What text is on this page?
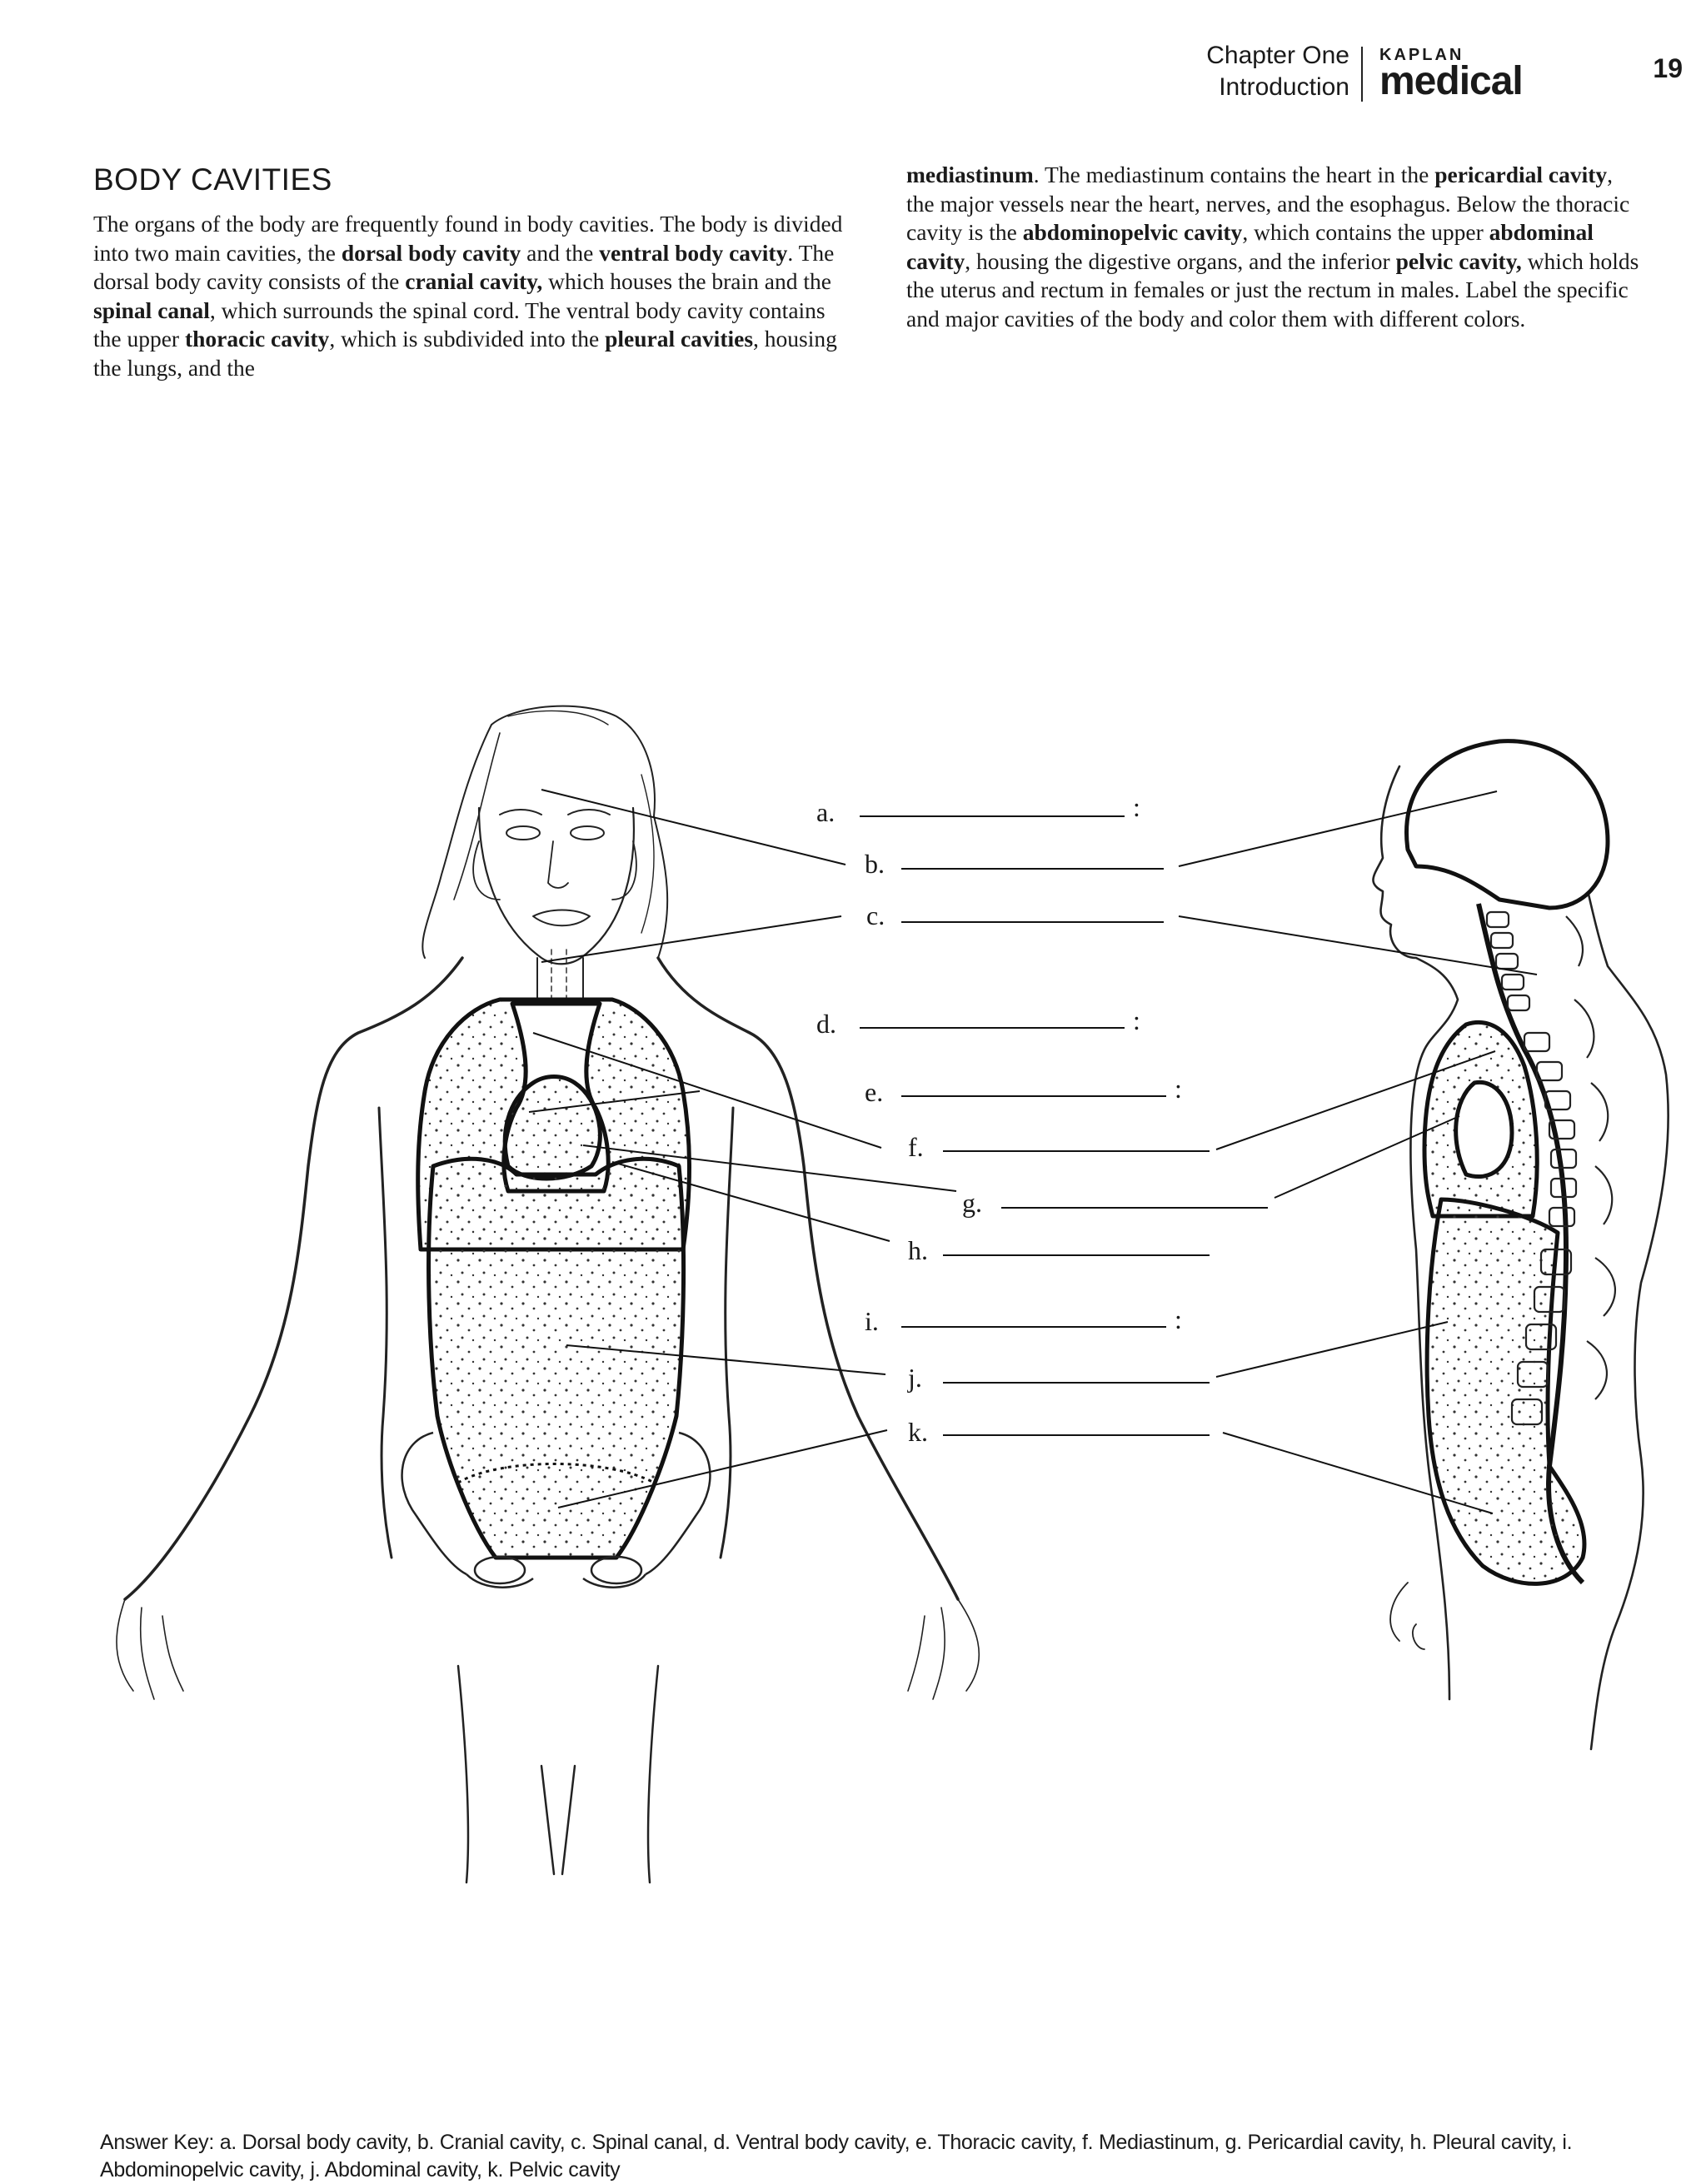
Chapter One
Introduction
KAPLAN
medical	19
BODY CAVITIES
The organs of the body are frequently found in body cavities. The body is divided into two main cavities, the dorsal body cavity and the ventral body cavity. The dorsal body cavity consists of the cranial cavity, which houses the brain and the spinal canal, which surrounds the spinal cord. The ventral body cavity contains the upper thoracic cavity, which is subdivided into the pleural cavities, housing the lungs, and the
mediastinum. The mediastinum contains the heart in the pericardial cavity, the major vessels near the heart, nerves, and the esophagus. Below the thoracic cavity is the abdominopelvic cavity, which contains the upper abdominal cavity, housing the digestive organs, and the inferior pelvic cavity, which holds the uterus and rectum in females or just the rectum in males. Label the specific and major cavities of the body and color them with different colors.
a.	:
b.
c.
d.	:
e.	:
f.
g.
h.
i.	:
j.
k.
Answer Key: a. Dorsal body cavity, b. Cranial cavity, c. Spinal canal, d. Ventral body cavity, e. Thoracic cavity, f. Mediastinum, g. Pericardial cavity, h. Pleural cavity, i. Abdominopelvic cavity, j. Abdominal cavity, k. Pelvic cavity
